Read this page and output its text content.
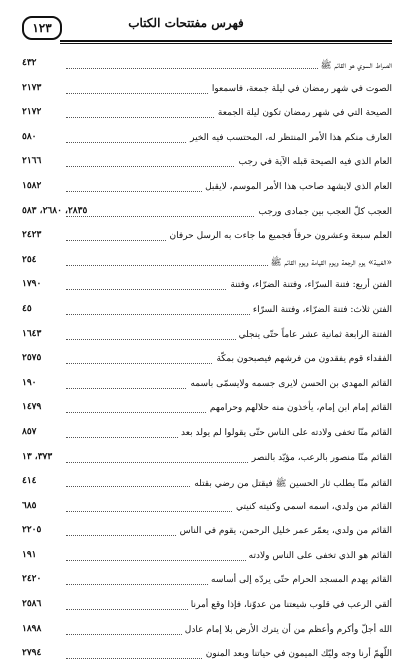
١٢٣	فهرس مفتتحات الكتاب
الصراط السوي هو القائم ﷺ
٤٣٢
الصوت في شهر رمضان في ليلة جمعة، فاسمعوا
٢١٧٣
الصيحة التي في شهر رمضان تكون ليلة الجمعة
٢١٧٢
العارف منكم هذا الأمر المنتظر له، المحتسب فيه الخير
٥٨٠
العام الذي فيه الصيحة قبله الآية في رجب
٢١٦٦
العام الذي لايشهد صاحب هذا الأمر الموسم، لايقبل
١٥٨٢
العجب كلّ العجب بين جمادى ورجب
٢٨٣٥، ٢٦٨٠، ٥٨٣
العلم سبعة وعشرون حرفاً فجميع ما جاءت به الرسل حرفان
٢٤٢٣
«الغيبة» يوم الرجعة ويوم القيامة ويوم القائم ﷺ
٢٥٤
الفتن أربع: فتنة السرّاء، وفتنة الضرّاء، وفتنة
١٧٩٠
الفتن ثلاث: فتنة الضرّاء، وفتنة السرّاء
٤٥
الفتنة الرابعة ثمانية عشر عاماً حتّى ينجلي
١٦٤٣
الفقداء قوم يفقدون من فرشهم فيصبحون بمكّة
٢٥٧٥
القائم المهدي بن الحسن لايرى جسمه ولايسمّى باسمه
١٩٠
القائم إمام ابن إمام، يأخذون منه حلالهم وحرامهم
١٤٧٩
القائم منّا تخفى ولادته على الناس حتّى يقولوا لم يولد بعد
٨٥٧
القائم منّا منصور بالرعب، مؤيّد بالنصر
٣٧٣، ١٣
القائم منّا يطلب ثار الحسين ﷺ فيقتل من رضي بقتله
٤١٤
القائم من ولدي، اسمه اسمي وكنيته كنيتي
٦٨٥
القائم من ولدي، يعمّر عمر خليل الرحمن، يقوم في الناس
٢٢٠٥
القائم هو الذي تخفى على الناس ولادته
١٩١
القائم يهدم المسجد الحرام حتّى يردّه إلى أساسه
٢٤٢٠
ألقي الرعب في قلوب شيعتنا من عدوّنا، فإذا وقع أمرنا
٢٥٨٦
الله أجلّ وأكرم وأعظم من أن يترك الأرض بلا إمام عادل
١٨٩٨
اللّهمّ أرنا وجه وليّك الميمون في حياتنا وبعد المنون
٢٧٩٤
